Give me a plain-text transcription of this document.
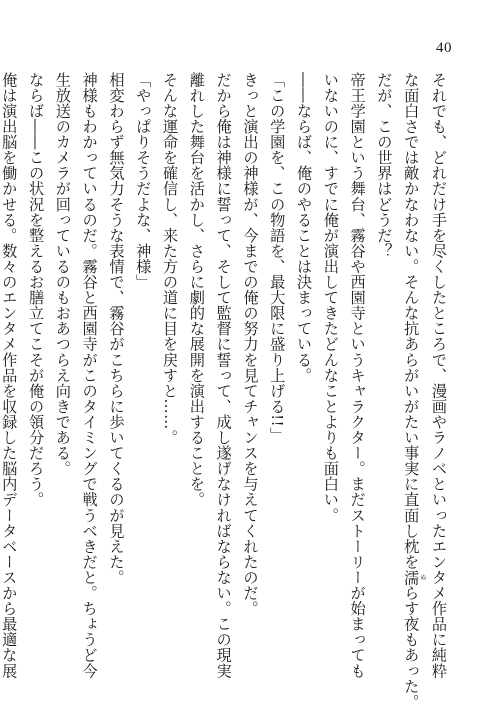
40

それでも、どれだけ手を尽くしたところで、漫画やラノベといったエンタメ作品に純粋

な面白さでは敵かなわない。そんな抗あらがいがたい事実に直面し枕を濡ぬらす夜もあった。

だが、この世界はどうだ？

帝王学園という舞台、霧谷や西園寺というキャラクター。まだストーリーが始まっても

いないのに、すでに俺が演出してきたどんなことよりも面白い。

――ならば、俺のやることは決まっている。

「この学園を、この物語を、最大限に盛り上げる!!」

きっと演出の神様が、今までの俺の努力を見てチャンスを与えてくれたのだ。

だから俺は神様に誓って、そして監督に誓って、成し遂げなければならない。この現実

離れした舞台を活かし、さらに劇的な展開を演出することを。

そんな運命を確信し、来た方の道に目を戻すと……。

「やっぱりそうだよな、神様」

相変わらず無気力そうな表情で、霧谷がこちらに歩いてくるのが見えた。

神様もわかっているのだ。霧谷と西園寺がこのタイミングで戦うべきだと。ちょうど今

生放送のカメラが回っているのもおあつらえ向きである。

ならば――この状況を整えるお膳立てこそが俺の領分だろう。

俺は演出脳を働かせる。数々のエンタメ作品を収録した脳内データベースから最適な展
